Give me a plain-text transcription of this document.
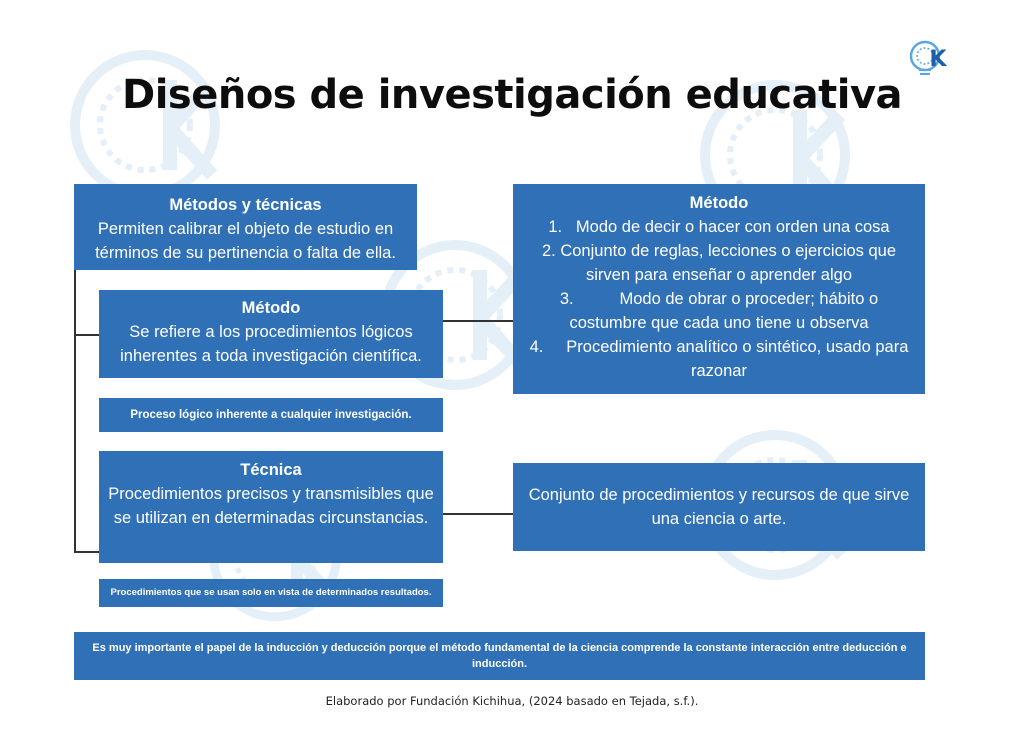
K
Diseños de investigación educativa
Métodos y técnicas
Permiten calibrar el objeto de estudio en términos de su pertinencia o falta de ella.
Método
Se refiere a los procedimientos lógicos inherentes a toda investigación científica.
Proceso lógico inherente a cualquier investigación.
Técnica
Procedimientos precisos y transmisibles que se utilizan en determinadas circunstancias.
Procedimientos que se usan solo en vista de determinados resultados.
Método
1. Modo de decir o hacer con orden una cosa
2. Conjunto de reglas, lecciones o ejercicios que sirven para enseñar o aprender algo
3.	Modo de obrar o proceder; hábito o costumbre que cada uno tiene u observa
4. Procedimiento analítico o sintético, usado para razonar
Conjunto de procedimientos y recursos de que sirve una ciencia o arte.
Es muy importante el papel de la inducción y deducción porque el método fundamental de la ciencia comprende la constante interacción entre deducción e inducción.
Elaborado por Fundación Kichihua, (2024 basado en Tejada, s.f.).
